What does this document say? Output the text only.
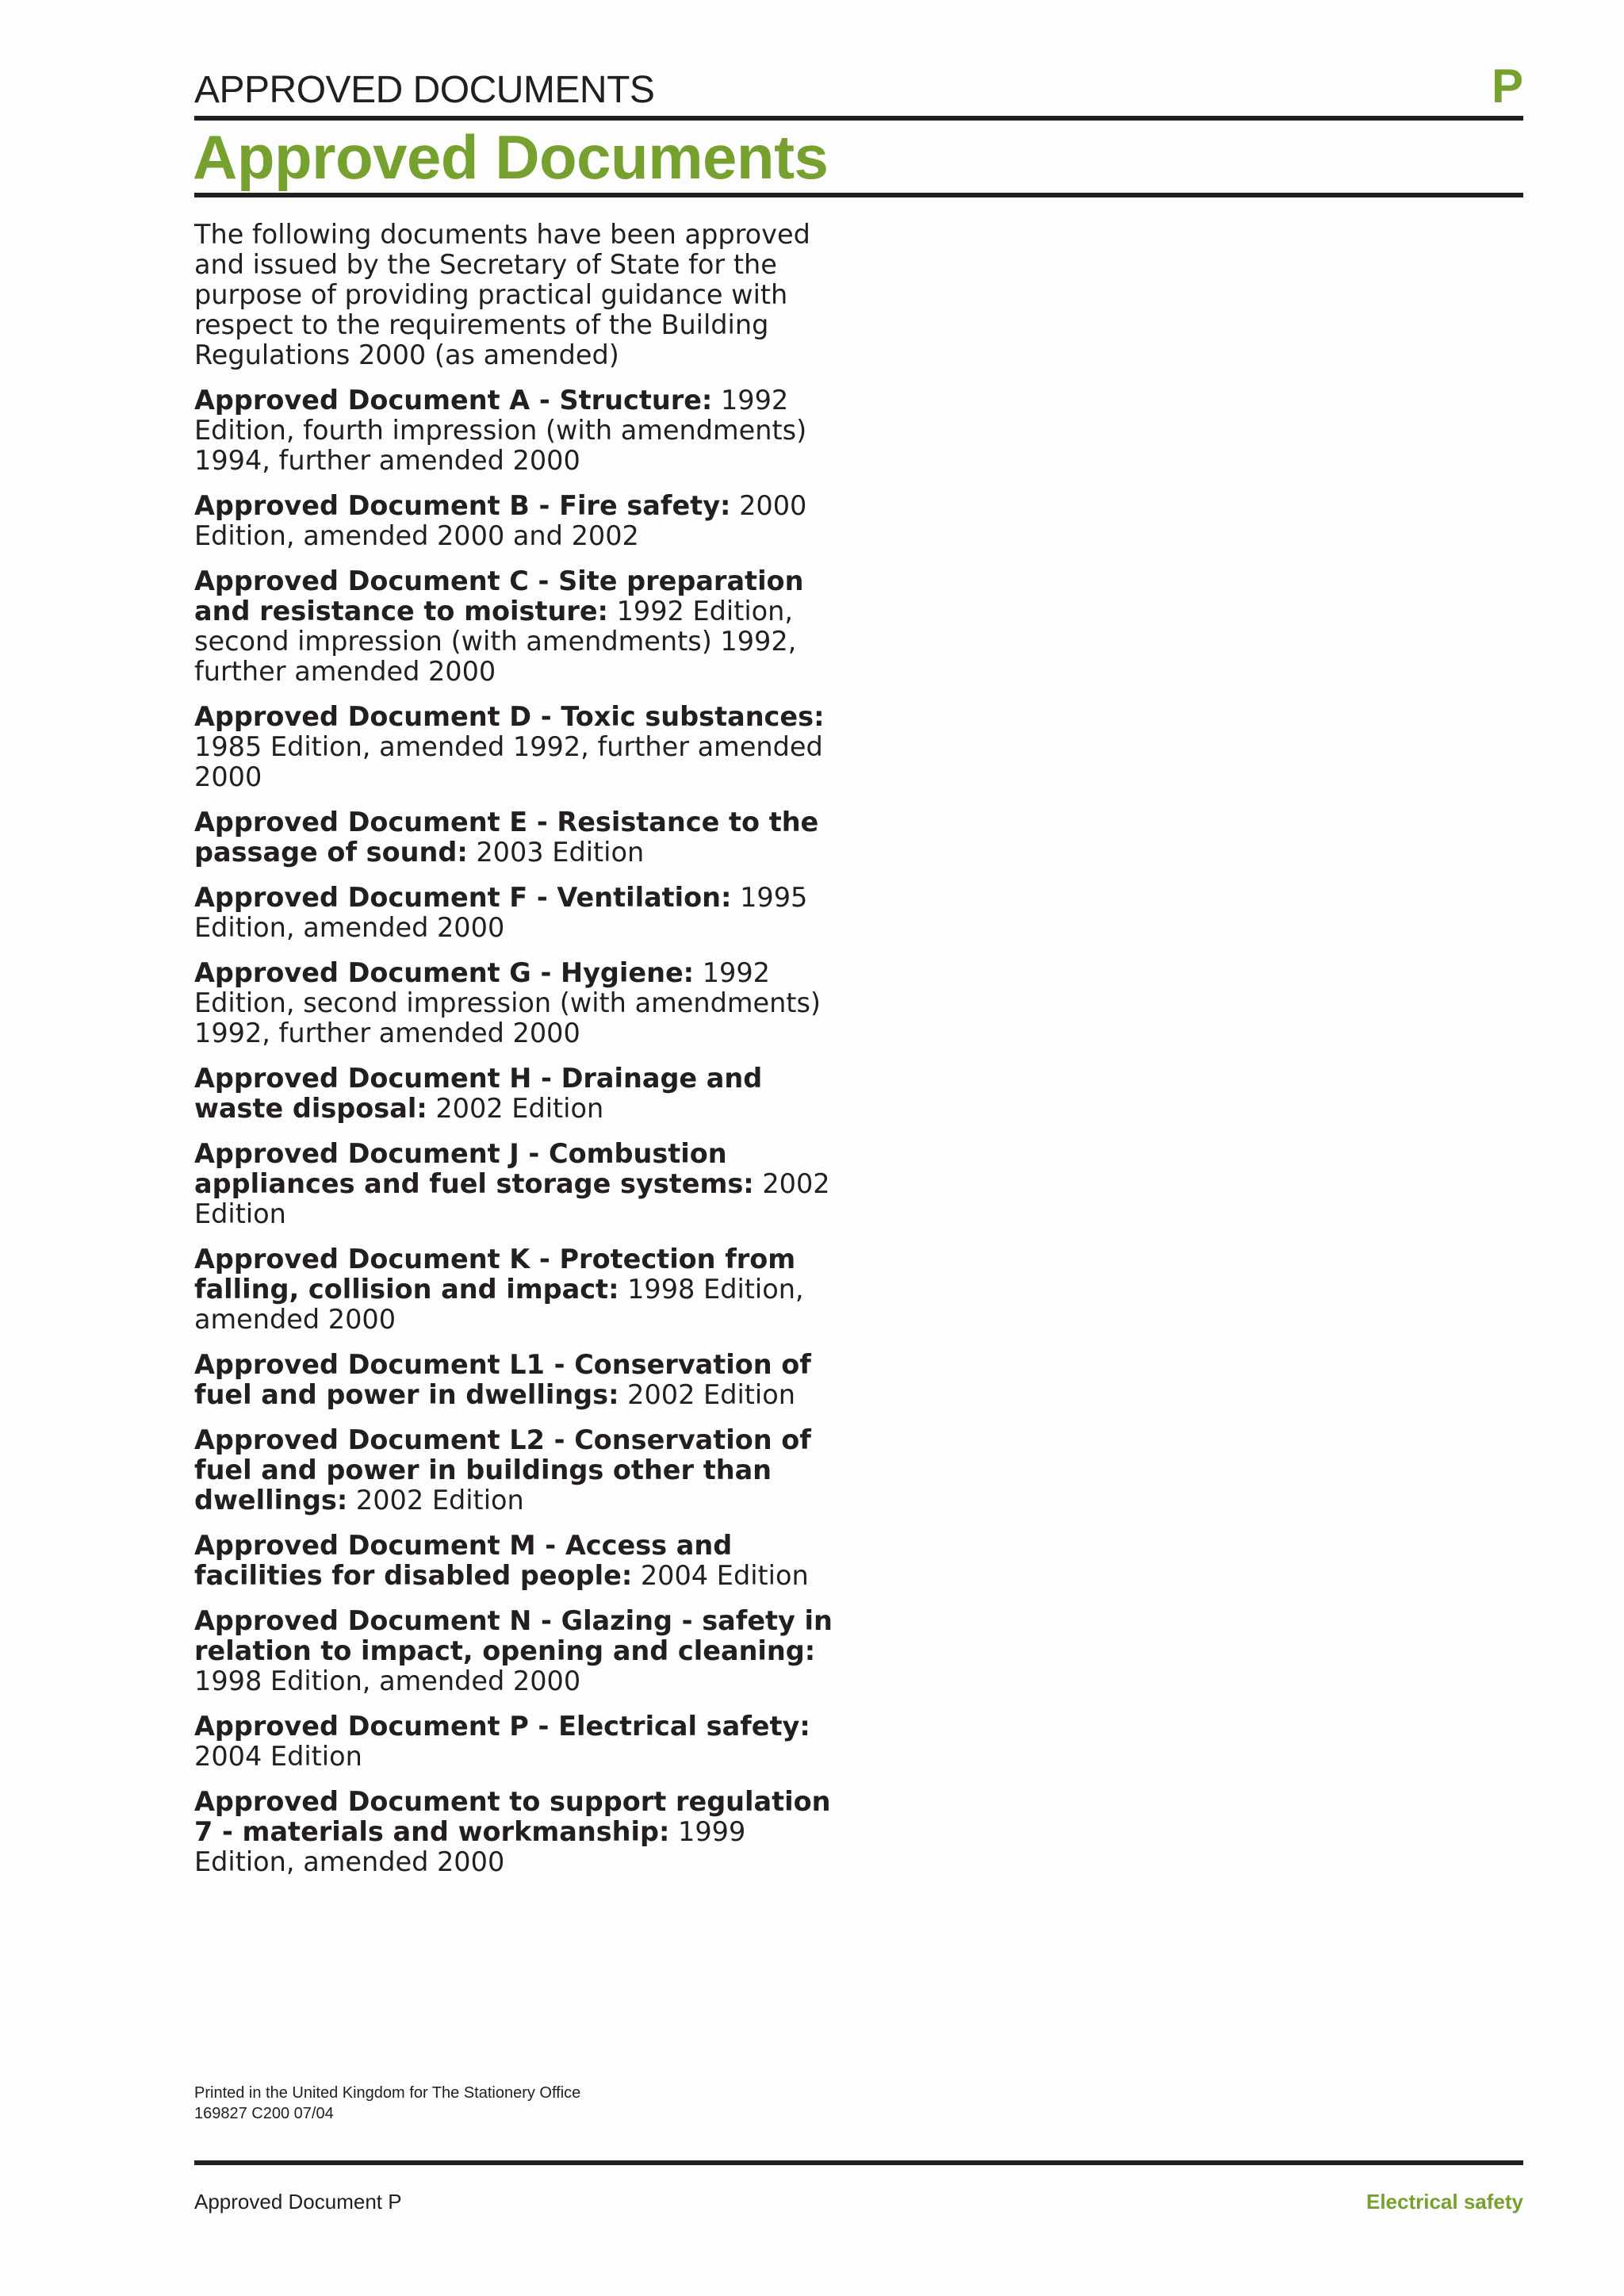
APPROVED DOCUMENTS	P
Approved Documents

The following documents have been approved and issued by the Secretary of State for the purpose of providing practical guidance with respect to the requirements of the Building Regulations 2000 (as amended)

Approved Document A - Structure: 1992 Edition, fourth impression (with amendments) 1994, further amended 2000

Approved Document B - Fire safety: 2000 Edition, amended 2000 and 2002

Approved Document C - Site preparation and resistance to moisture: 1992 Edition, second impression (with amendments) 1992, further amended 2000

Approved Document D - Toxic substances: 1985 Edition, amended 1992, further amended 2000

Approved Document E - Resistance to the passage of sound: 2003 Edition

Approved Document F - Ventilation: 1995 Edition, amended 2000

Approved Document G - Hygiene: 1992 Edition, second impression (with amendments) 1992, further amended 2000

Approved Document H - Drainage and waste disposal: 2002 Edition

Approved Document J - Combustion appliances and fuel storage systems: 2002 Edition

Approved Document K - Protection from falling, collision and impact: 1998 Edition, amended 2000

Approved Document L1 - Conservation of fuel and power in dwellings: 2002 Edition

Approved Document L2 - Conservation of fuel and power in buildings other than dwellings: 2002 Edition

Approved Document M - Access and facilities for disabled people: 2004 Edition

Approved Document N - Glazing - safety in relation to impact, opening and cleaning: 1998 Edition, amended 2000

Approved Document P - Electrical safety: 2004 Edition

Approved Document to support regulation 7 - materials and workmanship: 1999 Edition, amended 2000

Printed in the United Kingdom for The Stationery Office
169827 C200 07/04
Approved Document P	Electrical safety
